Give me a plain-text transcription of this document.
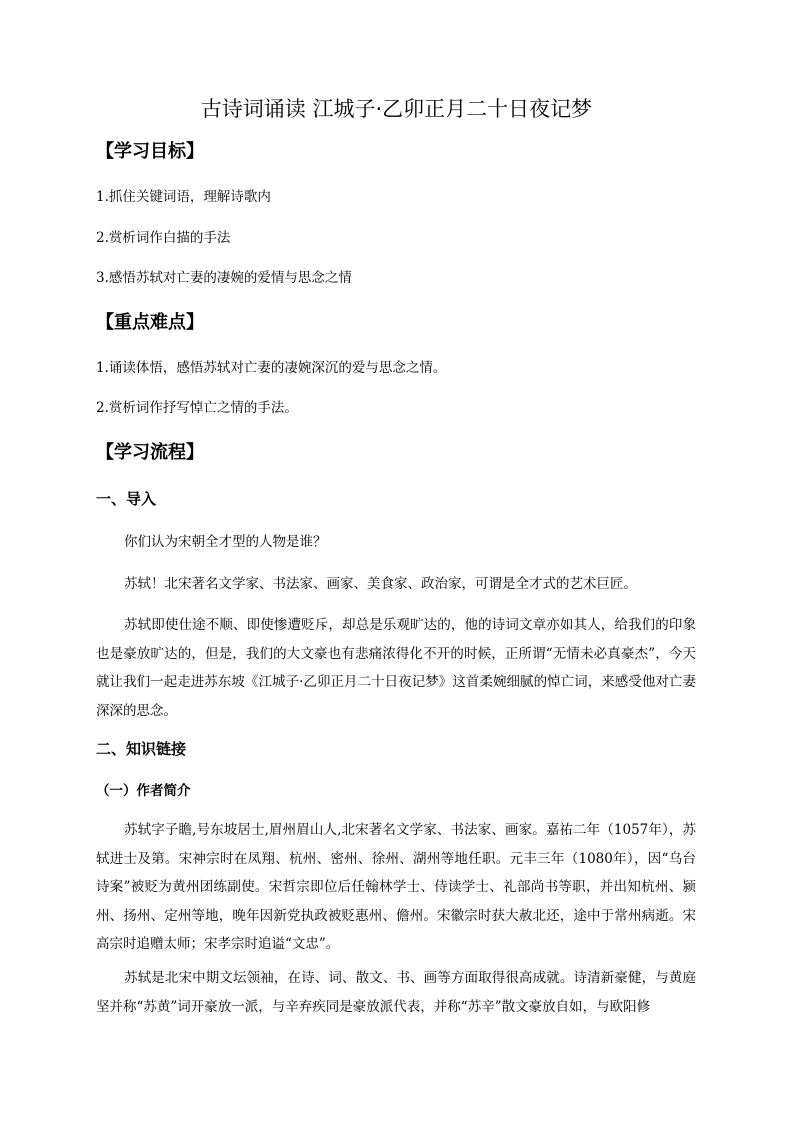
古诗词诵读 江城子·乙卯正月二十日夜记梦
【学习目标】
1.抓住关键词语，理解诗歌内
2.赏析词作白描的手法
3.感悟苏轼对亡妻的凄婉的爱情与思念之情
【重点难点】
1.诵读体悟，感悟苏轼对亡妻的凄婉深沉的爱与思念之情。
2.赏析词作抒写悼亡之情的手法。
【学习流程】
一、导入
你们认为宋朝全才型的人物是谁？
苏轼！北宋著名文学家、书法家、画家、美食家、政治家，可谓是全才式的艺术巨匠。
苏轼即使仕途不顺、即使惨遭贬斥，却总是乐观旷达的，他的诗词文章亦如其人，给我们的印象也是豪放旷达的，但是，我们的大文豪也有悲痛浓得化不开的时候，正所谓“无情未必真豪杰”，今天就让我们一起走进苏东坡《江城子·乙卯正月二十日夜记梦》这首柔婉细腻的悼亡词，来感受他对亡妻深深的思念。
二、知识链接
（一）作者简介
苏轼字子瞻,号东坡居士,眉州眉山人,北宋著名文学家、书法家、画家。嘉祐二年（1057年），苏轼进士及第。宋神宗时在凤翔、杭州、密州、徐州、湖州等地任职。元丰三年（1080年），因“乌台诗案”被贬为黄州团练副使。宋哲宗即位后任翰林学士、侍读学士、礼部尚书等职，并出知杭州、颍州、扬州、定州等地，晚年因新党执政被贬惠州、儋州。宋徽宗时获大赦北还，途中于常州病逝。宋高宗时追赠太师；宋孝宗时追谥“文忠”。
苏轼是北宋中期文坛领袖，在诗、词、散文、书、画等方面取得很高成就。诗清新豪健，与黄庭坚并称“苏黄”词开豪放一派，与辛弃疾同是豪放派代表，并称“苏辛”散文豪放自如，与欧阳修
